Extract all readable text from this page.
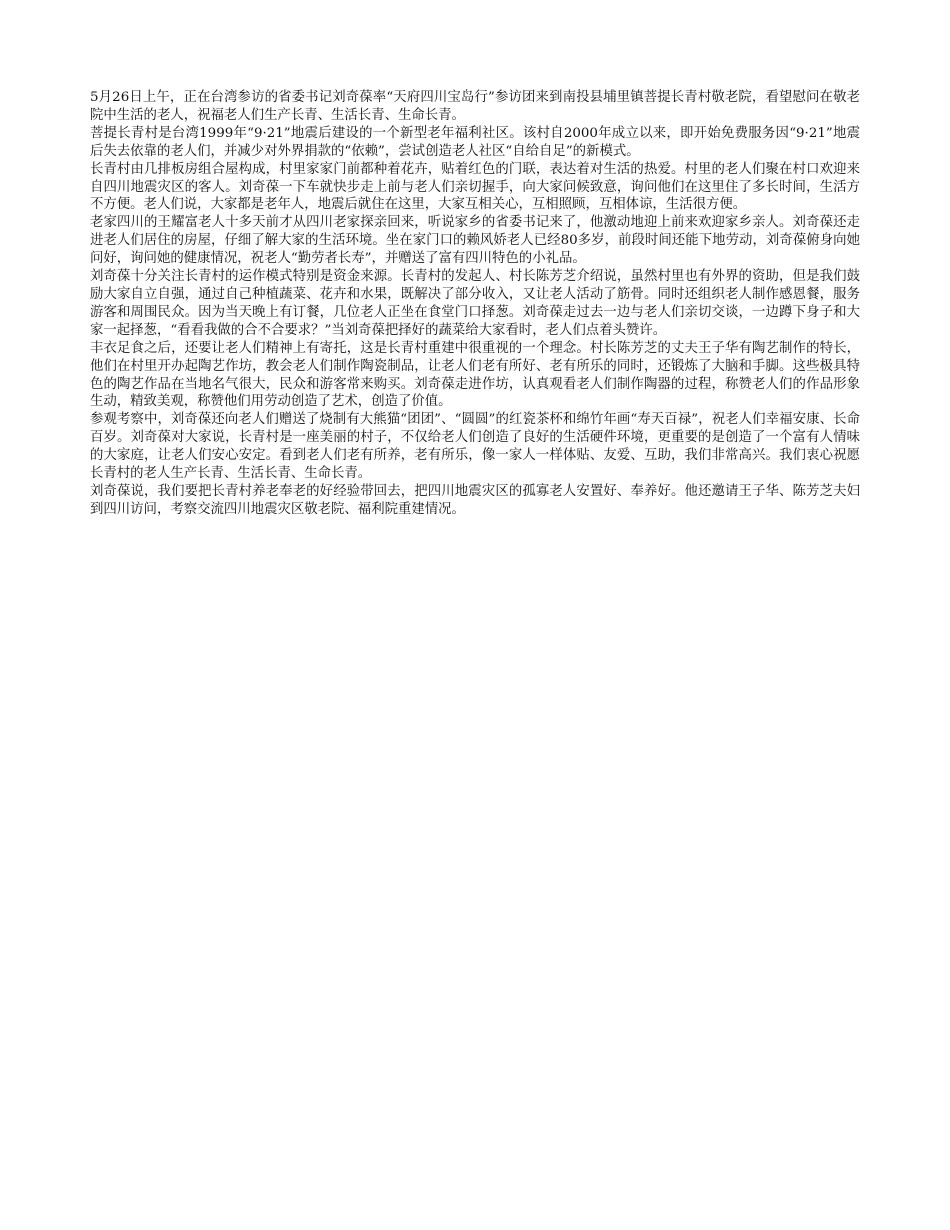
5月26日上午，正在台湾参访的省委书记刘奇葆率“天府四川宝岛行”参访团来到南投县埔里镇菩提长青村敬老院，看望慰问在敬老院中生活的老人，祝福老人们生产长青、生活长青、生命长青。

菩提长青村是台湾1999年“9·21”地震后建设的一个新型老年福利社区。该村自2000年成立以来，即开始免费服务因“9·21”地震后失去依靠的老人们，并减少对外界捐款的“依赖”，尝试创造老人社区“自给自足”的新模式。

长青村由几排板房组合屋构成，村里家家门前都种着花卉，贴着红色的门联，表达着对生活的热爱。村里的老人们聚在村口欢迎来自四川地震灾区的客人。刘奇葆一下车就快步走上前与老人们亲切握手，向大家问候致意，询问他们在这里住了多长时间，生活方不方便。老人们说，大家都是老年人，地震后就住在这里，大家互相关心，互相照顾，互相体谅，生活很方便。

老家四川的王耀富老人十多天前才从四川老家探亲回来，听说家乡的省委书记来了，他激动地迎上前来欢迎家乡亲人。刘奇葆还走进老人们居住的房屋，仔细了解大家的生活环境。坐在家门口的赖风娇老人已经80多岁，前段时间还能下地劳动，刘奇葆俯身向她问好，询问她的健康情况，祝老人“勤劳者长寿”，并赠送了富有四川特色的小礼品。

刘奇葆十分关注长青村的运作模式特别是资金来源。长青村的发起人、村长陈芳芝介绍说，虽然村里也有外界的资助，但是我们鼓励大家自立自强，通过自己种植蔬菜、花卉和水果，既解决了部分收入，又让老人活动了筋骨。同时还组织老人制作感恩餐，服务游客和周围民众。因为当天晚上有订餐，几位老人正坐在食堂门口择葱。刘奇葆走过去一边与老人们亲切交谈，一边蹲下身子和大家一起择葱，“看看我做的合不合要求？”当刘奇葆把择好的蔬菜给大家看时，老人们点着头赞许。

丰衣足食之后，还要让老人们精神上有寄托，这是长青村重建中很重视的一个理念。村长陈芳芝的丈夫王子华有陶艺制作的特长，他们在村里开办起陶艺作坊，教会老人们制作陶瓷制品，让老人们老有所好、老有所乐的同时，还锻炼了大脑和手脚。这些极具特色的陶艺作品在当地名气很大，民众和游客常来购买。刘奇葆走进作坊，认真观看老人们制作陶器的过程，称赞老人们的作品形象生动，精致美观，称赞他们用劳动创造了艺术，创造了价值。

参观考察中，刘奇葆还向老人们赠送了烧制有大熊猫“团团”、“圆圆”的红瓷茶杯和绵竹年画“寿天百禄”，祝老人们幸福安康、长命百岁。刘奇葆对大家说，长青村是一座美丽的村子，不仅给老人们创造了良好的生活硬件环境，更重要的是创造了一个富有人情味的大家庭，让老人们安心安定。看到老人们老有所养，老有所乐，像一家人一样体贴、友爱、互助，我们非常高兴。我们衷心祝愿长青村的老人生产长青、生活长青、生命长青。

刘奇葆说，我们要把长青村养老奉老的好经验带回去，把四川地震灾区的孤寡老人安置好、奉养好。他还邀请王子华、陈芳芝夫妇到四川访问，考察交流四川地震灾区敬老院、福利院重建情况。
